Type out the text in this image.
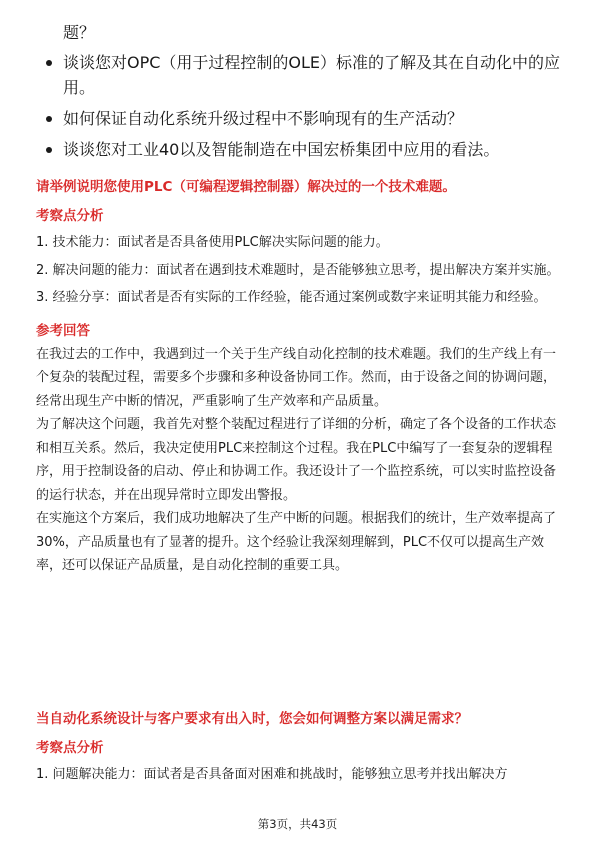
题？
谈谈您对OPC（用于过程控制的OLE）标准的了解及其在自动化中的应用。
如何保证自动化系统升级过程中不影响现有的生产活动？
谈谈您对工业40以及智能制造在中国宏桥集团中应用的看法。

请举例说明您使用PLC（可编程逻辑控制器）解决过的一个技术难题。

考察点分析

1. 技术能力：面试者是否具备使用PLC解决实际问题的能力。

2. 解决问题的能力：面试者在遇到技术难题时，是否能够独立思考，提出解决方案并实施。

3. 经验分享：面试者是否有实际的工作经验，能否通过案例或数字来证明其能力和经验。

参考回答

在我过去的工作中，我遇到过一个关于生产线自动化控制的技术难题。我们的生产线上有一个复杂的装配过程，需要多个步骤和多种设备协同工作。然而，由于设备之间的协调问题，经常出现生产中断的情况，严重影响了生产效率和产品质量。

为了解决这个问题，我首先对整个装配过程进行了详细的分析，确定了各个设备的工作状态和相互关系。然后，我决定使用PLC来控制这个过程。我在PLC中编写了一套复杂的逻辑程序，用于控制设备的启动、停止和协调工作。我还设计了一个监控系统，可以实时监控设备的运行状态，并在出现异常时立即发出警报。

在实施这个方案后，我们成功地解决了生产中断的问题。根据我们的统计，生产效率提高了30%，产品质量也有了显著的提升。这个经验让我深刻理解到，PLC不仅可以提高生产效率，还可以保证产品质量，是自动化控制的重要工具。

当自动化系统设计与客户要求有出入时，您会如何调整方案以满足需求？

考察点分析

1. 问题解决能力：面试者是否具备面对困难和挑战时，能够独立思考并找出解决方

第3页，共43页
